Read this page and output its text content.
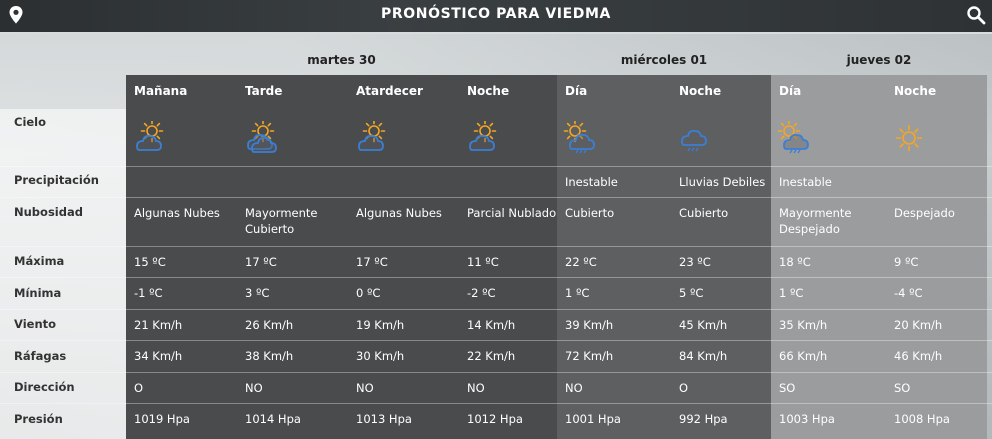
PRONÓSTICO PARA VIEDMA
martes 30	miércoles 01	jueves 02
Cielo
Precipitación
Nubosidad
Máxima
Mínima
Viento
Ráfagas
Dirección
Presión
Mañana
Algunas Nubes
15 ºC
-1 ºC
21 Km/h
34 Km/h
O
1019 Hpa
Tarde
Mayormente Cubierto
17 ºC
3 ºC
26 Km/h
38 Km/h
NO
1014 Hpa
Atardecer
Algunas Nubes
17 ºC
0 ºC
19 Km/h
30 Km/h
NO
1013 Hpa
Noche
Parcial Nublado
11 ºC
-2 ºC
14 Km/h
22 Km/h
NO
1012 Hpa
Día
Inestable
Cubierto
22 ºC
1 ºC
39 Km/h
72 Km/h
NO
1001 Hpa
Noche
Lluvias Debiles
Cubierto
23 ºC
5 ºC
45 Km/h
84 Km/h
O
992 Hpa
Día
Inestable
Mayormente Despejado
18 ºC
1 ºC
35 Km/h
66 Km/h
SO
1003 Hpa
Noche
Despejado
9 ºC
-4 ºC
20 Km/h
46 Km/h
SO
1008 Hpa
